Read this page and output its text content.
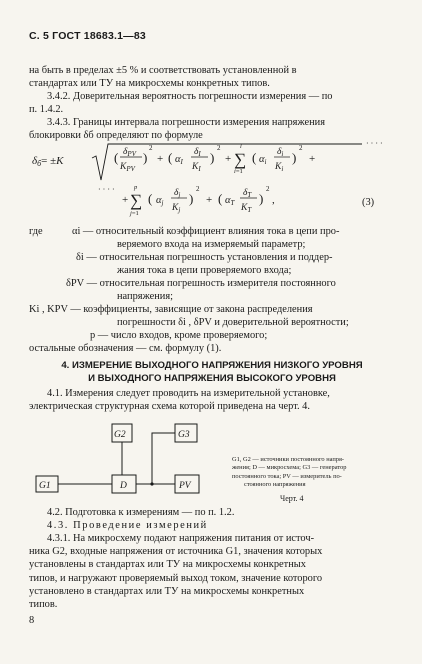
С. 5 ГОСТ 18683.1—83
на быть в пределах ±5 % и соответствовать установленной в
стандартах или ТУ на микросхемы конкретных типов.
3.4.2. Доверительная вероятность погрешности измерения — по
п. 1.4.2.
3.4.3. Границы интервала погрешности измерения напряжения
блокировки δб определяют по формуле
δб= ±K	( $\delta_{PV}$
$K_{PV}$
)
2
+ ( αI
$\delta_I$
$K_I$
)
2
+
l
∑
i=1
( αi
$\delta_i$
$K_i$
)
2
+
· · · ·
· · · ·
+
p
∑
j=1
( αj
$\delta_j$
$K_j$
)
2
+ ( αT
$\delta_T$
$K_T$
)
2
,	(3)
где	αi — относительный коэффициент влияния тока в цепи про-
веряемого входа на измеряемый параметр;
δi — относительная погрешность установления и поддер-
жания тока в цепи проверяемого входа;
δPV — относительная погрешность измерителя постоянного
напряжения;
Ki , KPV — коэффициенты, зависящие от закона распределения
погрешности δi , δPV и доверительной вероятности;
p — число входов, кроме проверяемого;
остальные обозначения — см. формулу (1).
4. ИЗМЕРЕНИЕ ВЫХОДНОГО НАПРЯЖЕНИЯ НИЗКОГО УРОВНЯ
И ВЫХОДНОГО НАПРЯЖЕНИЯ ВЫСОКОГО УРОВНЯ
4.1. Измерения следует проводить на измерительной установке,
электрическая структурная схема которой приведена на черт. 4.
G2	G3
G1	D	PV
G1, G2 — источники постоянного напря-
жения; D — микросхема; G3 — генератор
постоянного тока; PV — измеритель по-
стоянного напряжения
Черт. 4
4.2. Подготовка к измерениям — по п. 1.2.
4.3. Проведение измерений
4.3.1. На микросхему подают напряжения питания от источ-
ника G2, входные напряжения от источника G1, значения которых
установлены в стандартах или ТУ на микросхемы конкретных
типов, и нагружают проверяемый выход током, значение которого
установлено в стандартах или ТУ на микросхемы конкретных
типов.
8
